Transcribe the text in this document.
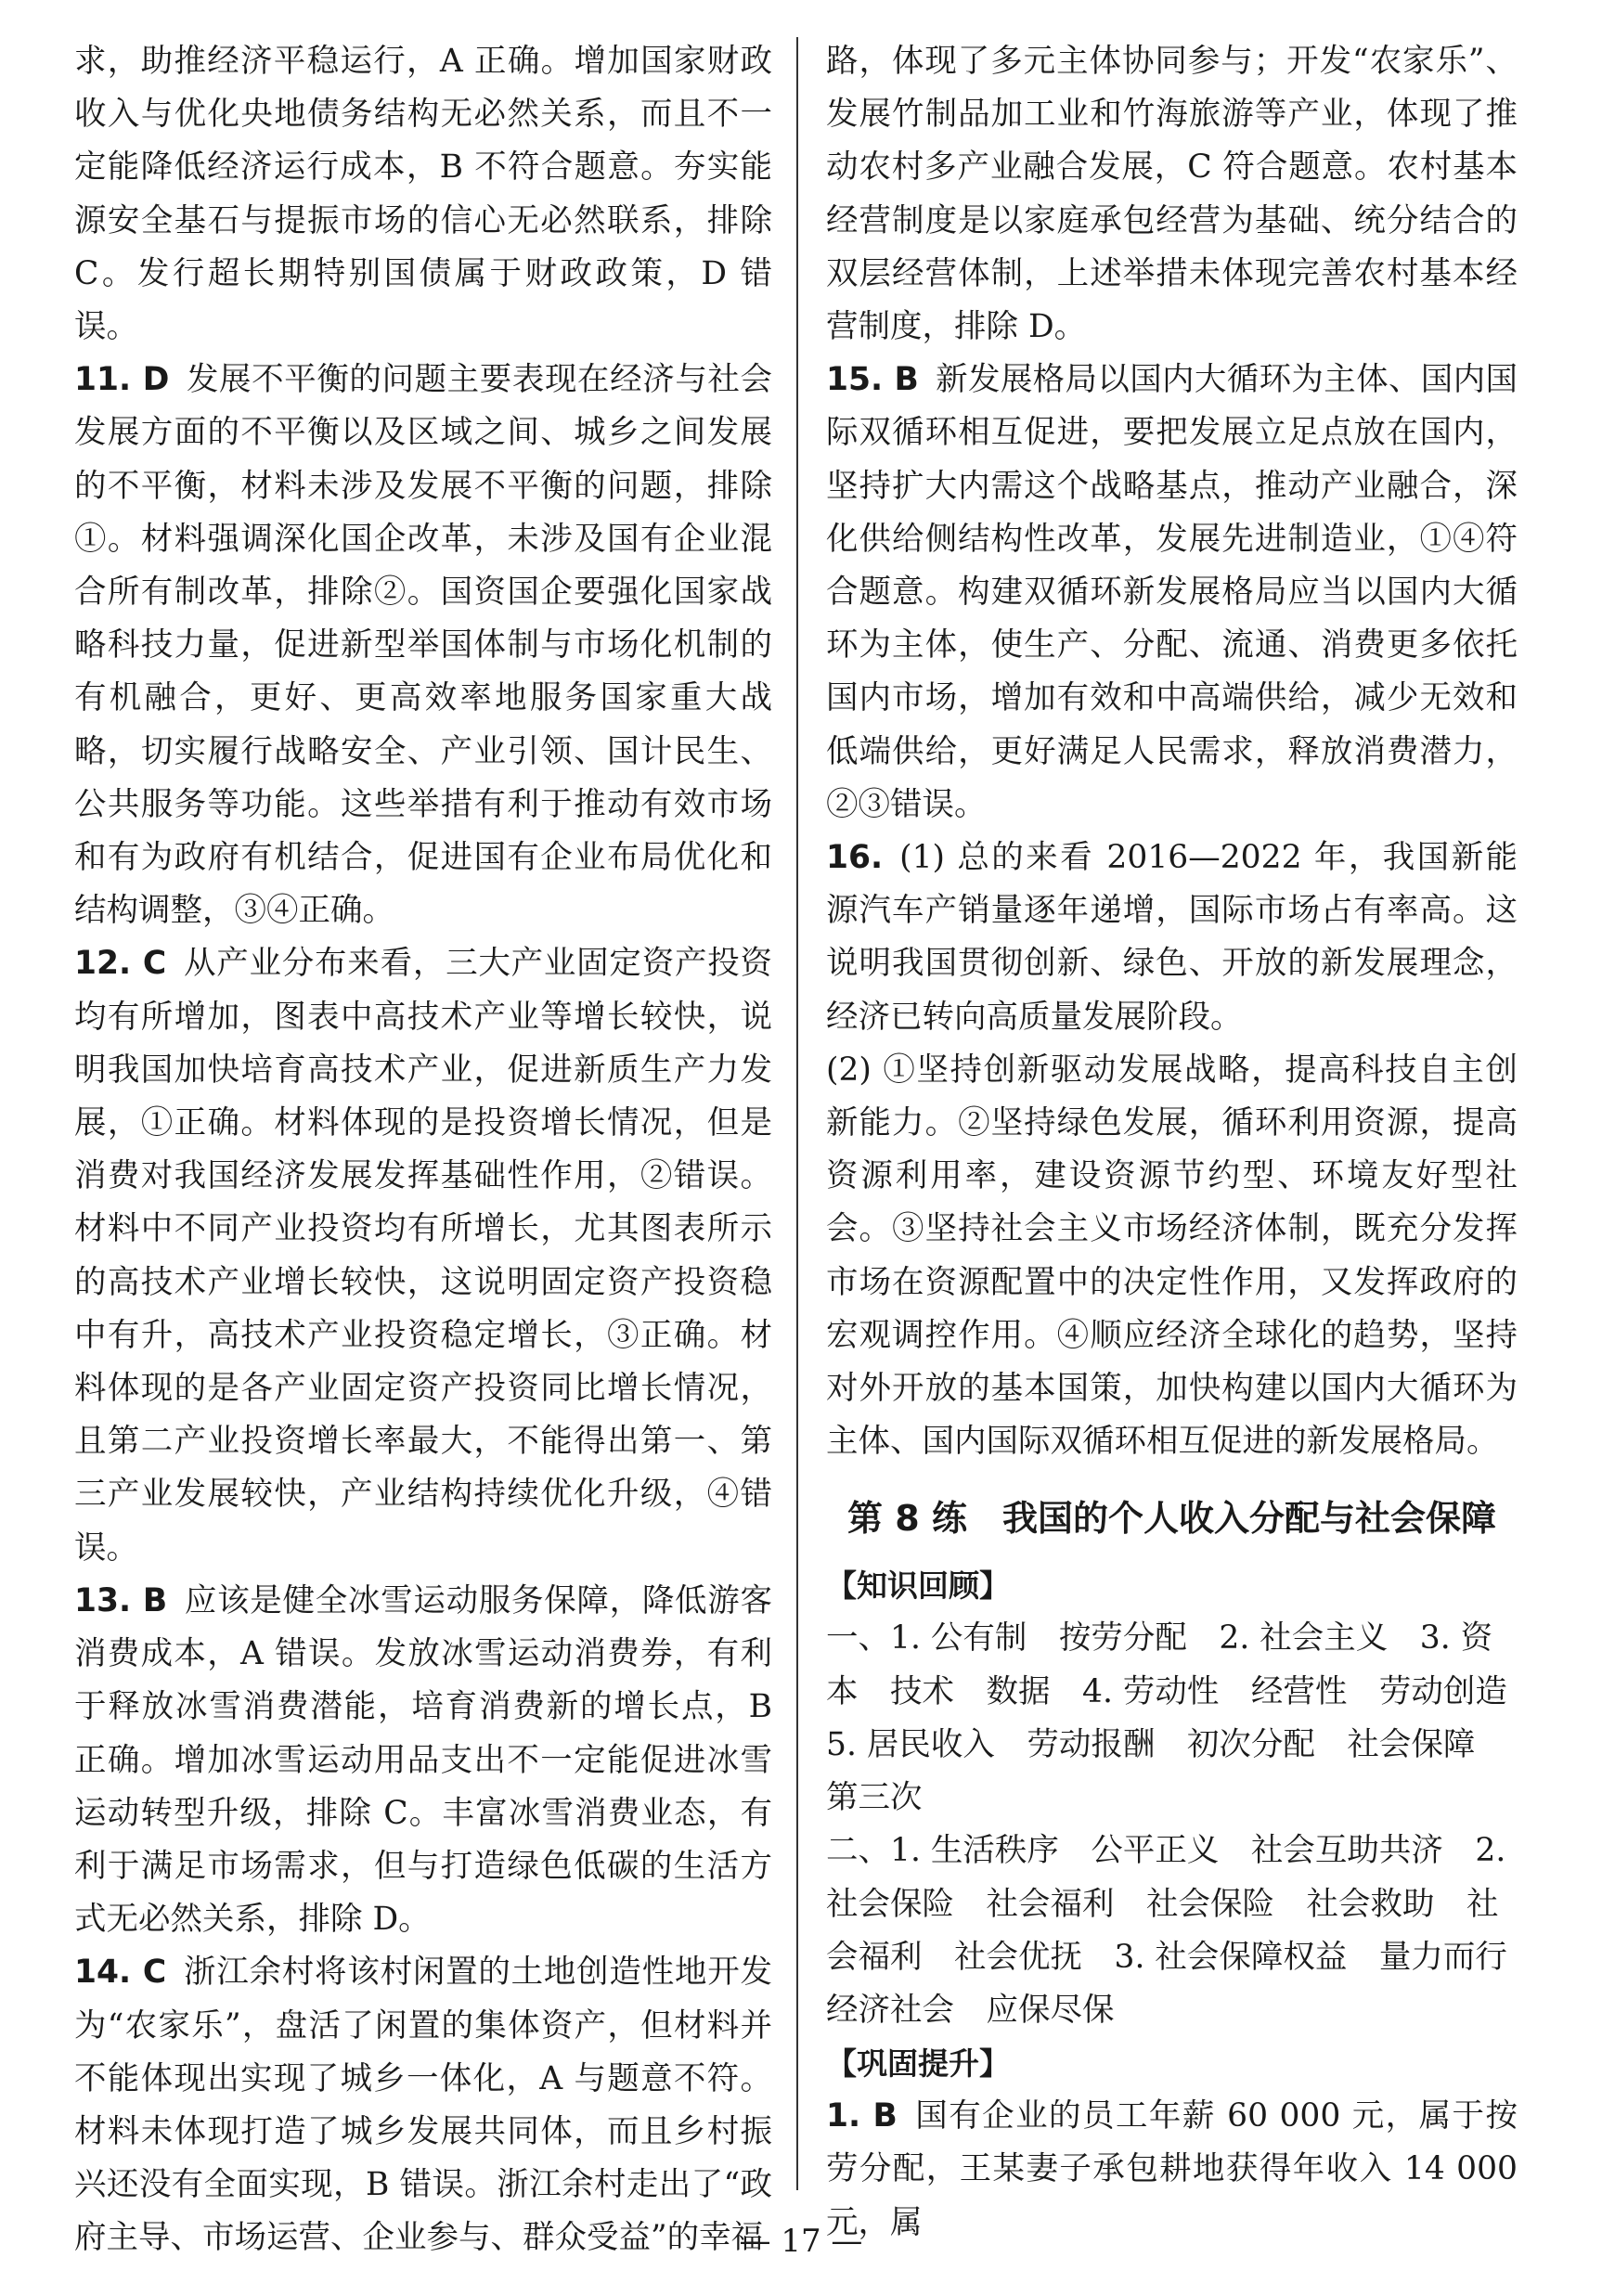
求，助推经济平稳运行，A 正确。增加国家财政收入与优化央地债务结构无必然关系，而且不一定能降低经济运行成本，B 不符合题意。夯实能源安全基石与提振市场的信心无必然联系，排除 C。发行超长期特别国债属于财政政策，D 错误。

11. D 发展不平衡的问题主要表现在经济与社会发展方面的不平衡以及区域之间、城乡之间发展的不平衡，材料未涉及发展不平衡的问题，排除①。材料强调深化国企改革，未涉及国有企业混合所有制改革，排除②。国资国企要强化国家战略科技力量，促进新型举国体制与市场化机制的有机融合，更好、更高效率地服务国家重大战略，切实履行战略安全、产业引领、国计民生、公共服务等功能。这些举措有利于推动有效市场和有为政府有机结合，促进国有企业布局优化和结构调整，③④正确。

12. C 从产业分布来看，三大产业固定资产投资均有所增加，图表中高技术产业等增长较快，说明我国加快培育高技术产业，促进新质生产力发展，①正确。材料体现的是投资增长情况，但是消费对我国经济发展发挥基础性作用，②错误。材料中不同产业投资均有所增长，尤其图表所示的高技术产业增长较快，这说明固定资产投资稳中有升，高技术产业投资稳定增长，③正确。材料体现的是各产业固定资产投资同比增长情况，且第二产业投资增长率最大，不能得出第一、第三产业发展较快，产业结构持续优化升级，④错误。

13. B 应该是健全冰雪运动服务保障，降低游客消费成本，A 错误。发放冰雪运动消费券，有利于释放冰雪消费潜能，培育消费新的增长点，B 正确。增加冰雪运动用品支出不一定能促进冰雪运动转型升级，排除 C。丰富冰雪消费业态，有利于满足市场需求，但与打造绿色低碳的生活方式无必然关系，排除 D。

14. C 浙江余村将该村闲置的土地创造性地开发为“农家乐”，盘活了闲置的集体资产，但材料并不能体现出实现了城乡一体化，A 与题意不符。材料未体现打造了城乡发展共同体，而且乡村振兴还没有全面实现，B 错误。浙江余村走出了“政府主导、市场运营、企业参与、群众受益”的幸福

路，体现了多元主体协同参与；开发“农家乐”、发展竹制品加工业和竹海旅游等产业，体现了推动农村多产业融合发展，C 符合题意。农村基本经营制度是以家庭承包经营为基础、统分结合的双层经营体制，上述举措未体现完善农村基本经营制度，排除 D。

15. B 新发展格局以国内大循环为主体、国内国际双循环相互促进，要把发展立足点放在国内，坚持扩大内需这个战略基点，推动产业融合，深化供给侧结构性改革，发展先进制造业，①④符合题意。构建双循环新发展格局应当以国内大循环为主体，使生产、分配、流通、消费更多依托国内市场，增加有效和中高端供给，减少无效和低端供给，更好满足人民需求，释放消费潜力，②③错误。

16. (1) 总的来看 2016—2022 年，我国新能源汽车产销量逐年递增，国际市场占有率高。这说明我国贯彻创新、绿色、开放的新发展理念，经济已转向高质量发展阶段。

(2) ①坚持创新驱动发展战略，提高科技自主创新能力。②坚持绿色发展，循环利用资源，提高资源利用率，建设资源节约型、环境友好型社会。③坚持社会主义市场经济体制，既充分发挥市场在资源配置中的决定性作用，又发挥政府的宏观调控作用。④顺应经济全球化的趋势，坚持对外开放的基本国策，加快构建以国内大循环为主体、国内国际双循环相互促进的新发展格局。

第 8 练　我国的个人收入分配与社会保障
【知识回顾】

一、1. 公有制　按劳分配　2. 社会主义　3. 资本　技术　数据　4. 劳动性　经营性　劳动创造　5. 居民收入　劳动报酬　初次分配　社会保障　第三次

二、1. 生活秩序　公平正义　社会互助共济　2. 社会保险　社会福利　社会保险　社会救助　社会福利　社会优抚　3. 社会保障权益　量力而行　经济社会　应保尽保

【巩固提升】

1. B 国有企业的员工年薪 60 000 元，属于按劳分配，王某妻子承包耕地获得年收入 14 000 元，属

— 17 —
